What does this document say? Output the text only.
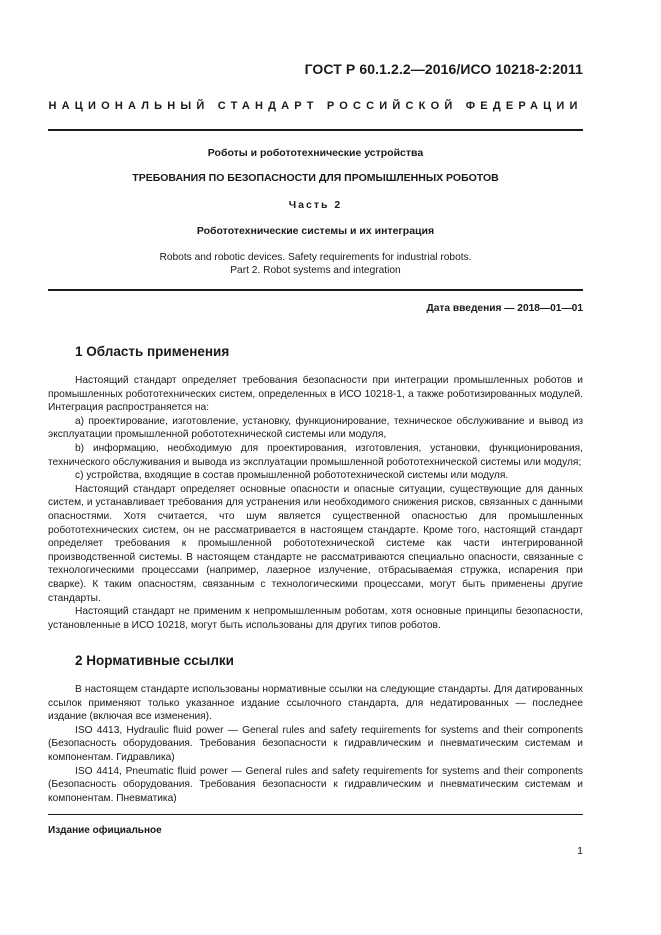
ГОСТ Р 60.1.2.2—2016/ИСО 10218-2:2011
НАЦИОНАЛЬНЫЙ СТАНДАРТ РОССИЙСКОЙ ФЕДЕРАЦИИ
Роботы и робототехнические устройства
ТРЕБОВАНИЯ ПО БЕЗОПАСНОСТИ ДЛЯ ПРОМЫШЛЕННЫХ РОБОТОВ
Часть 2
Робототехнические системы и их интеграция
Robots and robotic devices. Safety requirements for industrial robots.
Part 2. Robot systems and integration
Дата введения — 2018—01—01
1 Область применения

Настоящий стандарт определяет требования безопасности при интеграции промышленных роботов и промышленных робототехнических систем, определенных в ИСО 10218-1, а также роботизированных модулей. Интеграция распространяется на:

a) проектирование, изготовление, установку, функционирование, техническое обслуживание и вывод из эксплуатации промышленной робототехнической системы или модуля,

b) информацию, необходимую для проектирования, изготовления, установки, функционирования, технического обслуживания и вывода из эксплуатации промышленной робототехнической системы или модуля;

c) устройства, входящие в состав промышленной робототехнической системы или модуля.

Настоящий стандарт определяет основные опасности и опасные ситуации, существующие для данных систем, и устанавливает требования для устранения или необходимого снижения рисков, связанных с данными опасностями. Хотя считается, что шум является существенной опасностью для промышленных робототехнических систем, он не рассматривается в настоящем стандарте. Кроме того, настоящий стандарт определяет требования к промышленной робототехнической системе как части интегрированной производственной системы. В настоящем стандарте не рассматриваются специально опасности, связанные с технологическими процессами (например, лазерное излучение, отбрасываемая стружка, испарения при сварке). К таким опасностям, связанным с технологическими процессами, могут быть применены другие стандарты.

Настоящий стандарт не применим к непромышленным роботам, хотя основные принципы безопасности, установленные в ИСО 10218, могут быть использованы для других типов роботов.

2 Нормативные ссылки

В настоящем стандарте использованы нормативные ссылки на следующие стандарты. Для датированных ссылок применяют только указанное издание ссылочного стандарта, для недатированных — последнее издание (включая все изменения).

ISO 4413, Hydraulic fluid power — General rules and safety requirements for systems and their components (Безопасность оборудования. Требования безопасности к гидравлическим и пневматическим системам и компонентам. Гидравлика)

ISO 4414, Pneumatic fluid power — General rules and safety requirements for systems and their components (Безопасность оборудования. Требования безопасности к гидравлическим и пневматическим системам и компонентам. Пневматика)

Издание официальное
1
